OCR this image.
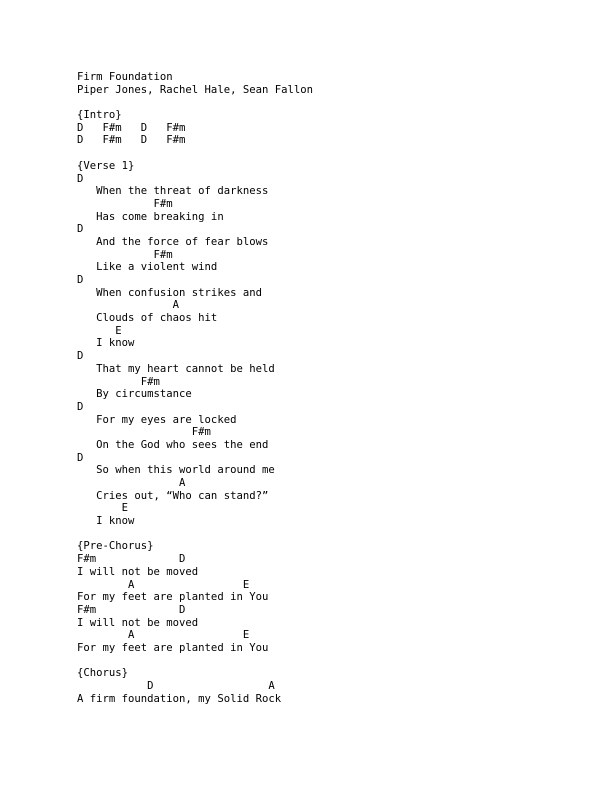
Firm Foundation
Piper Jones, Rachel Hale, Sean Fallon
{Intro}
D   F#m   D   F#m
D   F#m   D   F#m
{Verse 1}
D
When the threat of darkness
F#m
Has come breaking in
D
And the force of fear blows
F#m
Like a violent wind
D
When confusion strikes and
A
Clouds of chaos hit
E
I know
D
That my heart cannot be held
F#m
By circumstance
D
For my eyes are locked
F#m
On the God who sees the end
D
So when this world around me
A
Cries out, “Who can stand?”
E
I know
{Pre-Chorus}
F#m             D
I will not be moved
A                 E
For my feet are planted in You
F#m             D
I will not be moved
A                 E
For my feet are planted in You
{Chorus}
D                  A
A firm foundation, my Solid Rock
